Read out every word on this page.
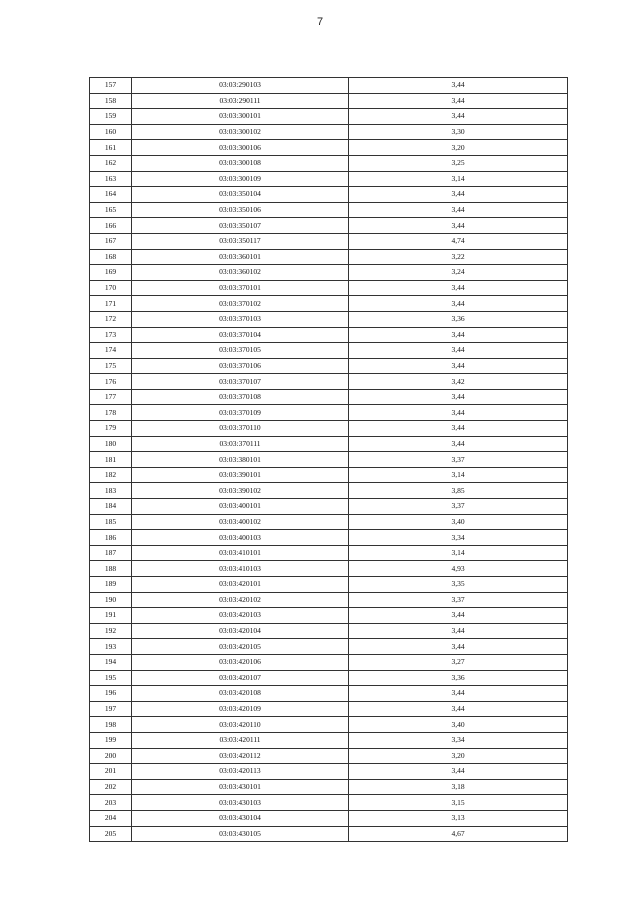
7
157	03:03:290103	3,44
158	03:03:290111	3,44
159	03:03:300101	3,44
160	03:03:300102	3,30
161	03:03:300106	3,20
162	03:03:300108	3,25
163	03:03:300109	3,14
164	03:03:350104	3,44
165	03:03:350106	3,44
166	03:03:350107	3,44
167	03:03:350117	4,74
168	03:03:360101	3,22
169	03:03:360102	3,24
170	03:03:370101	3,44
171	03:03:370102	3,44
172	03:03:370103	3,36
173	03:03:370104	3,44
174	03:03:370105	3,44
175	03:03:370106	3,44
176	03:03:370107	3,42
177	03:03:370108	3,44
178	03:03:370109	3,44
179	03:03:370110	3,44
180	03:03:370111	3,44
181	03:03:380101	3,37
182	03:03:390101	3,14
183	03:03:390102	3,85
184	03:03:400101	3,37
185	03:03:400102	3,40
186	03:03:400103	3,34
187	03:03:410101	3,14
188	03:03:410103	4,93
189	03:03:420101	3,35
190	03:03:420102	3,37
191	03:03:420103	3,44
192	03:03:420104	3,44
193	03:03:420105	3,44
194	03:03:420106	3,27
195	03:03:420107	3,36
196	03:03:420108	3,44
197	03:03:420109	3,44
198	03:03:420110	3,40
199	03:03:420111	3,34
200	03:03:420112	3,20
201	03:03:420113	3,44
202	03:03:430101	3,18
203	03:03:430103	3,15
204	03:03:430104	3,13
205	03:03:430105	4,67
